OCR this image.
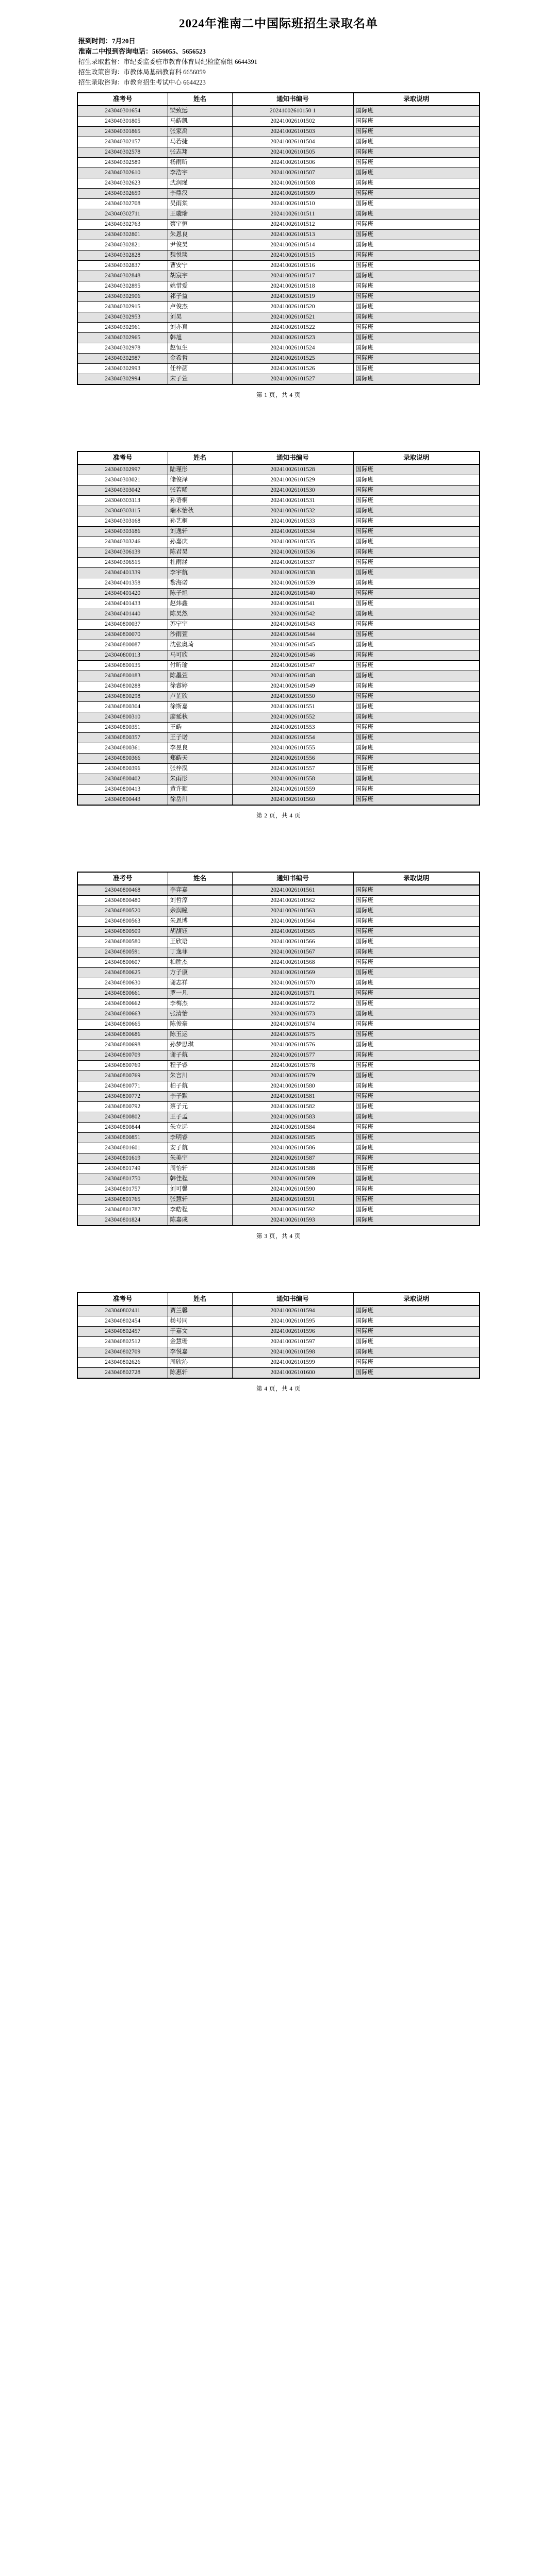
2024年淮南二中国际班招生录取名单

报到时间：7月20日

淮南二中报到咨询电话：5656055、5656523

招生录取监督：市纪委监委驻市教育体育局纪检监察组 6644391

招生政策咨询：市教体局基础教育科 6656059

招生录取咨询：市教育招生考试中心 6644223

准考号	姓名	通知书编号	录取说明
243040301654	梁致远	20241002610150 1	国际班
243040301805	马皓凯	202410026101502	国际班
243040301865	张家禹	202410026101503	国际班
243040302157	马若捷	202410026101504	国际班
243040302578	张志翔	202410026101505	国际班
243040302589	杨雨昕	202410026101506	国际班
243040302610	李浩宇	202410026101507	国际班
243040302623	武润瑾	202410026101508	国际班
243040302659	李鼎汉	202410026101509	国际班
243040302708	吴雨棠	202410026101510	国际班
243040302711	王璇瑞	202410026101511	国际班
243040302763	蔡宇恒	202410026101512	国际班
243040302801	朱恩良	202410026101513	国际班
243040302821	尹俊昊	202410026101514	国际班
243040302828	魏悦琰	202410026101515	国际班
243040302837	曹安宁	202410026101516	国际班
243040302848	胡宸宇	202410026101517	国际班
243040302895	姚惜爱	202410026101518	国际班
243040302906	祁子益	202410026101519	国际班
243040302915	卢俊杰	202410026101520	国际班
243040302953	刘昊	202410026101521	国际班
243040302961	刘亦真	202410026101522	国际班
243040302965	韩旭	202410026101523	国际班
243040302978	赵恒生	202410026101524	国际班
243040302987	金希哲	202410026101525	国际班
243040302993	任梓菡	202410026101526	国际班
243040302994	宋子萱	202410026101527	国际班
第 1 页，共 4 页
准考号	姓名	通知书编号	录取说明
243040302997	陆瑾彤	202410026101528	国际班
243040303021	储俊泽	202410026101529	国际班
243040303042	张若晞	202410026101530	国际班
243040303113	孙语桐	202410026101531	国际班
243040303115	端木怡秋	202410026101532	国际班
243040303168	孙艺桐	202410026101533	国际班
243040303186	刘逸轩	202410026101534	国际班
243040303246	孙嘉庆	202410026101535	国际班
243040306139	陈君昊	202410026101536	国际班
243040306515	杜雨涵	202410026101537	国际班
243040401339	李宇航	202410026101538	国际班
243040401358	黎海诺	202410026101539	国际班
243040401420	陈子旭	202410026101540	国际班
243040401433	赵炜鑫	202410026101541	国际班
243040401440	陈昊然	202410026101542	国际班
243040800037	苏宁宇	202410026101543	国际班
243040800070	沙雨萱	202410026101544	国际班
243040800087	沈张奥琦	202410026101545	国际班
243040800113	马可欣	202410026101546	国际班
243040800135	付昕瑜	202410026101547	国际班
243040800183	陈墨萱	202410026101548	国际班
243040800288	徐睿婷	202410026101549	国际班
243040800298	卢芷欣	202410026101550	国际班
243040800304	徐斯嘉	202410026101551	国际班
243040800310	廖延秋	202410026101552	国际班
243040800351	王皓	202410026101553	国际班
243040800357	王子诺	202410026101554	国际班
243040800361	李昱良	202410026101555	国际班
243040800366	郑皓天	202410026101556	国际班
243040800396	张梓淏	202410026101557	国际班
243040800402	朱雨彤	202410026101558	国际班
243040800413	黄许顺	202410026101559	国际班
243040800443	徐岳川	202410026101560	国际班
第 2 页，共 4 页
准考号	姓名	通知书编号	录取说明
243040800468	李弈嘉	202410026101561	国际班
243040800480	刘哲淳	202410026101562	国际班
243040800520	余润瞳	202410026101563	国际班
243040800563	朱恩博	202410026101564	国际班
243040800509	胡馥钰	202410026101565	国际班
243040800580	王欣语	202410026101566	国际班
243040800591	丁逸菲	202410026101567	国际班
243040800607	柏胜杰	202410026101568	国际班
243040800625	方子康	202410026101569	国际班
243040800630	谢志祥	202410026101570	国际班
243040800661	罗一凡	202410026101571	国际班
243040800662	李梅杰	202410026101572	国际班
243040800663	张清怡	202410026101573	国际班
243040800665	陈俊豪	202410026101574	国际班
243040800686	陈玉运	202410026101575	国际班
243040800698	孙梦思琪	202410026101576	国际班
243040800709	谢子航	202410026101577	国际班
243040800769	程子睿	202410026101578	国际班
243040800769	朱言川	202410026101579	国际班
243040800771	柏子航	202410026101580	国际班
243040800772	李子默	202410026101581	国际班
243040800792	蔡子元	202410026101582	国际班
243040800802	王子孟	202410026101583	国际班
243040800844	朱立远	202410026101584	国际班
243040800851	李明睿	202410026101585	国际班
243040801601	安子航	202410026101586	国际班
243040801619	朱美宇	202410026101587	国际班
243040801749	周怡轩	202410026101588	国际班
243040801750	韩佳程	202410026101589	国际班
243040801757	刘可馨	202410026101590	国际班
243040801765	张慧轩	202410026101591	国际班
243040801787	李皓程	202410026101592	国际班
243040801824	陈嘉成	202410026101593	国际班
第 3 页，共 4 页
准考号	姓名	通知书编号	录取说明
243040802411	贾兰馨	202410026101594	国际班
243040802454	杨号同	202410026101595	国际班
243040802457	于嘉文	202410026101596	国际班
243040802512	金慧珊	202410026101597	国际班
243040802709	李悦嘉	202410026101598	国际班
243040802626	周欣沁	202410026101599	国际班
243040802728	陈惠轩	202410026101600	国际班
第 4 页，共 4 页
